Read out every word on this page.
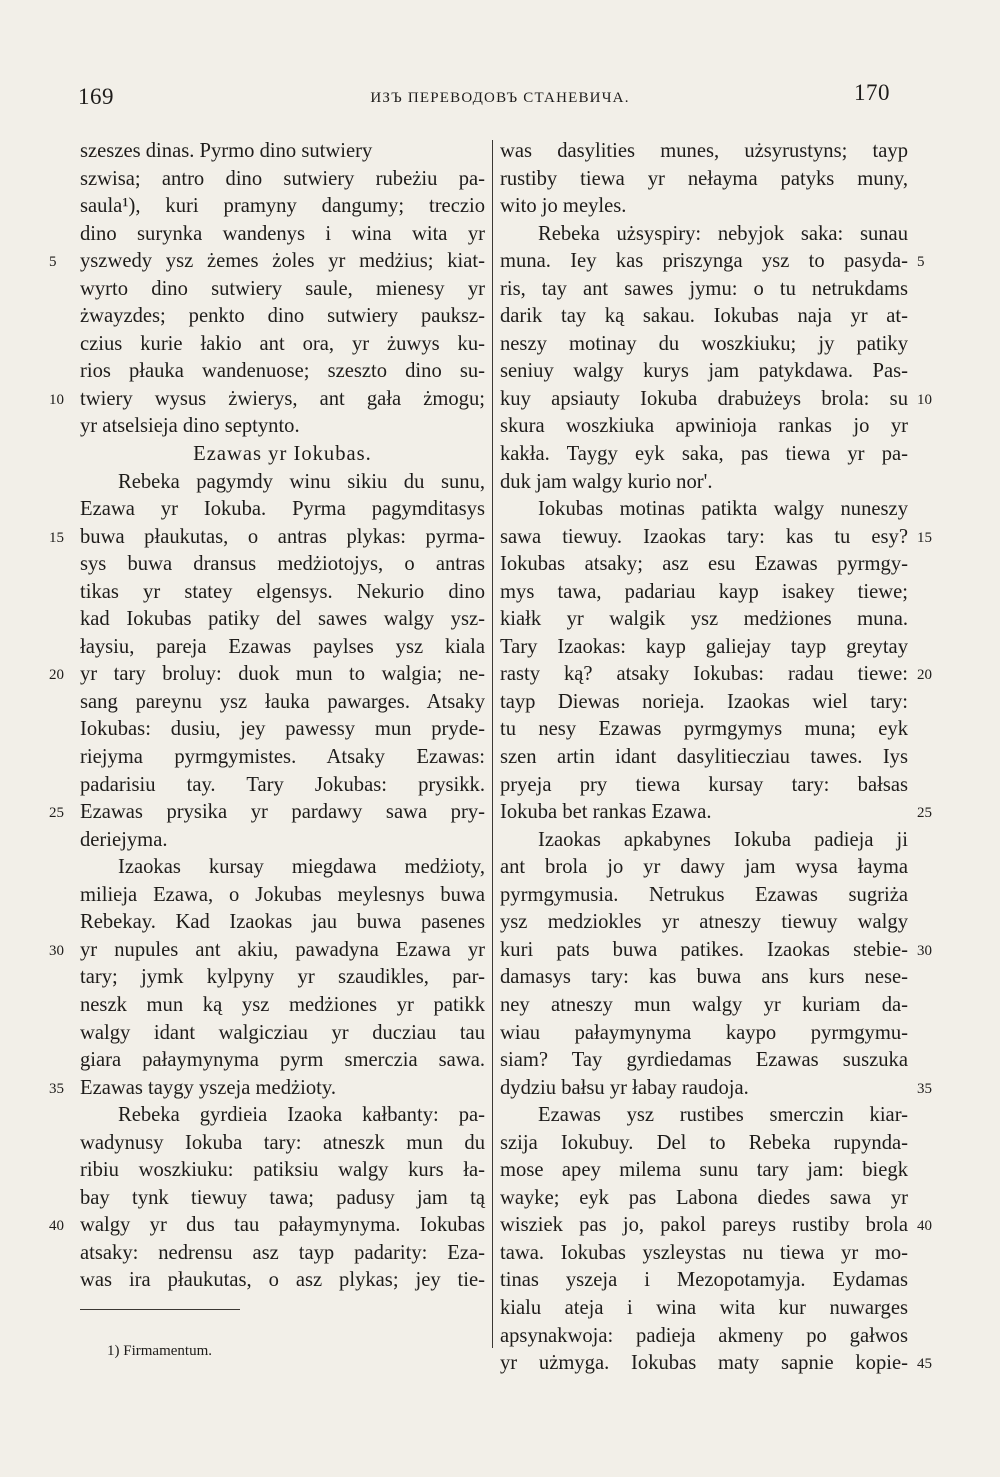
169	ИЗЪ ПЕРЕВОДОВЪ СТАНЕВИЧА.	170
szeszes dinas. Pyrmo dino sutwiery
szwisa; antro dino sutwiery rubeżiu pa-
saula¹), kuri pramyny dangumy; treczio
dino surynka wandenys i wina wita yr
yszwedy ysz żemes żoles yr medżius; kiat-
wyrto dino sutwiery saule, mienesy yr
żwayzdes; penkto dino sutwiery pauksz-
czius kurie łakio ant ora, yr żuwys ku-
rios płauka wandenuose; szeszto dino su-
twiery wysus żwierys, ant gała żmogu;
yr atselsieja dino septynto.
Ezawas yr Iokubas.
Rebeka pagymdy winu sikiu du sunu,
Ezawa yr Iokuba. Pyrma pagymditasys
buwa płaukutas, o antras plykas: pyrma-
sys buwa dransus medżiotojys, o antras
tikas yr statey elgensys. Nekurio dino
kad Iokubas patiky del sawes walgy ysz-
łaysiu, pareja Ezawas paylses ysz kiala
yr tary broluy: duok mun to walgia; ne-
sang pareynu ysz łauka pawarges. Atsaky
Iokubas: dusiu, jey pawessy mun pryde-
riejyma pyrmgymistes. Atsaky Ezawas:
padarisiu tay. Tary Jokubas: prysikk.
Ezawas prysika yr pardawy sawa pry-
deriejyma.
Izaokas kursay miegdawa medżioty,
milieja Ezawa, o Jokubas meylesnys buwa
Rebekay. Kad Izaokas jau buwa pasenes
yr nupules ant akiu, pawadyna Ezawa yr
tary; jymk kylpyny yr szaudikles, par-
neszk mun ką ysz medżiones yr patikk
walgy idant walgicziau yr ducziau tau
giara pałaymynyma pyrm smerczia sawa.
Ezawas taygy yszeja medżioty.
Rebeka gyrdieia Izaoka kałbanty: pa-
wadynusy Iokuba tary: atneszk mun du
ribiu woszkiuku: patiksiu walgy kurs ła-
bay tynk tiewuy tawa; padusy jam tą
walgy yr dus tau pałaymynyma. Iokubas
atsaky: nedrensu asz tayp padarity: Eza-
was ira płaukutas, o asz plykas; jey tie-
1) Firmamentum.
was dasylities munes, użsyrustyns; tayp
rustiby tiewa yr nełayma patyks muny,
wito jo meyles.
Rebeka użsyspiry: nebyjok saka: sunau
muna. Iey kas priszynga ysz to pasyda-
ris, tay ant sawes jymu: o tu netrukdams
darik tay ką sakau. Iokubas naja yr at-
neszy motinay du woszkiuku; jy patiky
seniuy walgy kurys jam patykdawa. Pas-
kuy apsiauty Iokuba drabużeys brola: su
skura woszkiuka apwinioja rankas jo yr
kakła. Taygy eyk saka, pas tiewa yr pa-
duk jam walgy kurio nor'.
Iokubas motinas patikta walgy nuneszy
sawa tiewuy. Izaokas tary: kas tu esy?
Iokubas atsaky; asz esu Ezawas pyrmgy-
mys tawa, padariau kayp isakey tiewe;
kiałk yr walgik ysz medżiones muna.
Tary Izaokas: kayp galiejay tayp greytay
rasty ką? atsaky Iokubas: radau tiewe:
tayp Diewas norieja. Izaokas wiel tary:
tu nesy Ezawas pyrmgymys muna; eyk
szen artin idant dasylitiecziau tawes. Iys
pryeja pry tiewa kursay tary: bałsas
Iokuba bet rankas Ezawa.
Izaokas apkabynes Iokuba padieja ji
ant brola jo yr dawy jam wysa łayma
pyrmgymusia. Netrukus Ezawas sugriża
ysz medziokles yr atneszy tiewuy walgy
kuri pats buwa patikes. Izaokas stebie-
damasys tary: kas buwa ans kurs nese-
ney atneszy mun walgy yr kuriam da-
wiau pałaymynyma kaypo pyrmgymu-
siam? Tay gyrdiedamas Ezawas suszuka
dydziu bałsu yr łabay raudoja.
Ezawas ysz rustibes smerczin kiar-
szija Iokubuy. Del to Rebeka rupynda-
mose apey milema sunu tary jam: biegk
wayke; eyk pas Labona diedes sawa yr
wisziek pas jo, pakol pareys rustiby brola
tawa. Iokubas yszleystas nu tiewa yr mo-
tinas yszeja i Mezopotamyja. Eydamas
kialu ateja i wina wita kur nuwarges
apsynakwoja: padieja akmeny po gałwos
yr użmyga. Iokubas maty sapnie kopie-
5
10
15
20
25
30
35
40
5
10
15
20
25
30
35
40
45
